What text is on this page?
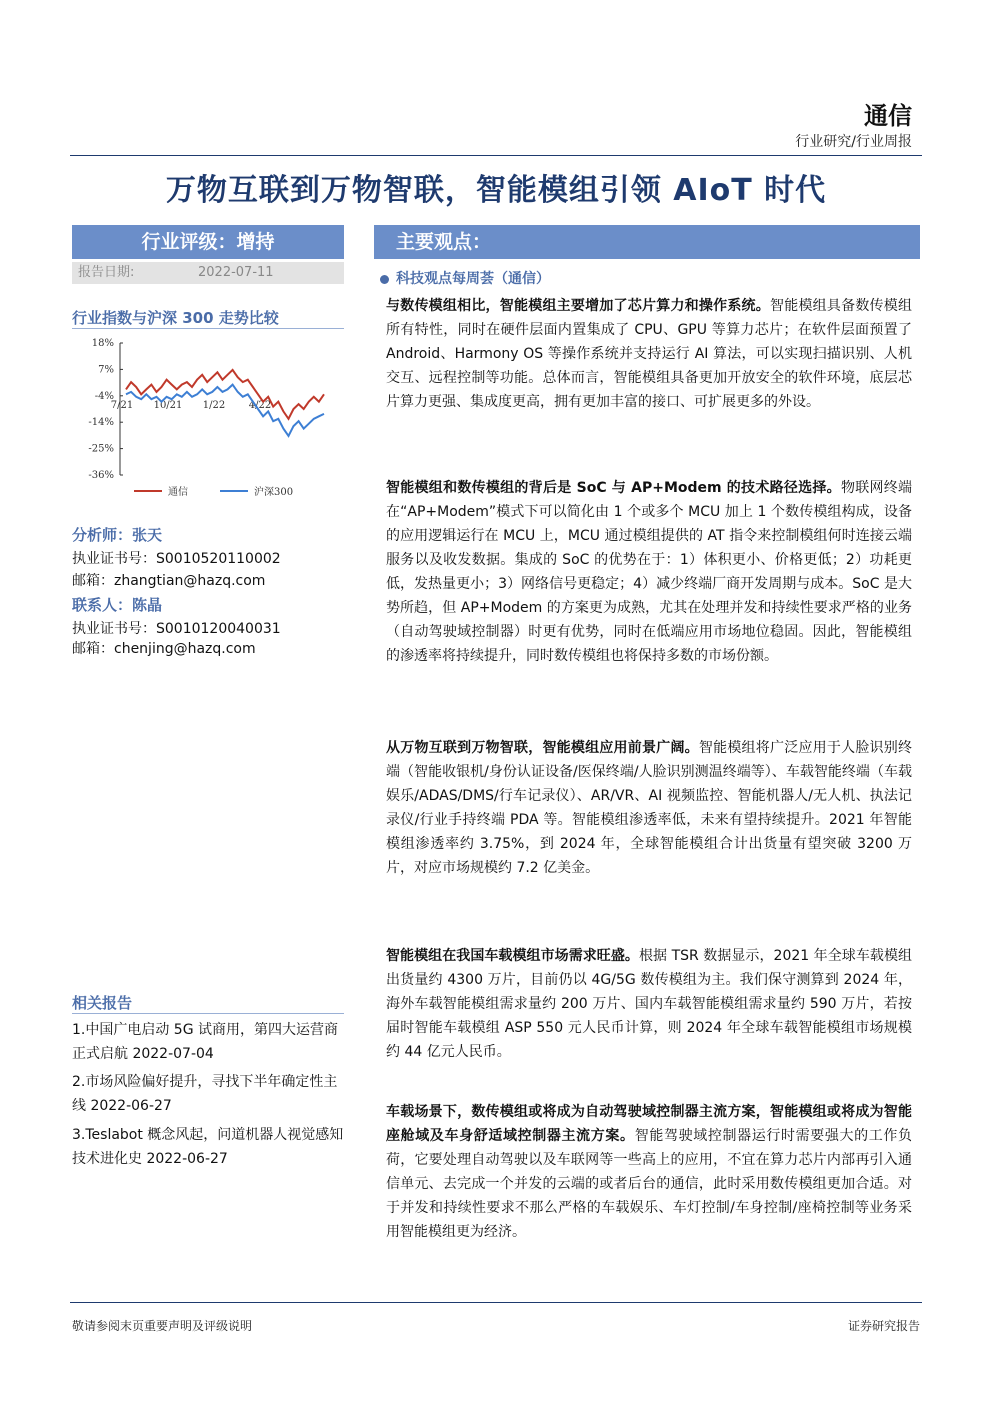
通信
行业研究/行业周报
万物互联到万物智联，智能模组引领 AIoT 时代
行业评级：增持
报告日期:	2022-07-11
行业指数与沪深 300 走势比较
18%
7%
-4%
-14%
-25%
-36%
7/21 10/21 1/22 4/22
通信	沪深300
分析师：张天
执业证书号：S0010520110002
邮箱：zhangtian@hazq.com
联系人：陈晶
执业证书号：S0010120040031
邮箱：chenjing@hazq.com
相关报告
1.中国广电启动 5G 试商用，第四大运营商正式启航 2022-07-04
2.市场风险偏好提升，寻找下半年确定性主线 2022-06-27
3.Teslabot 概念风起，问道机器人视觉感知技术进化史 2022-06-27
主要观点：
科技观点每周荟（通信）
与数传模组相比，智能模组主要增加了芯片算力和操作系统。智能模组具备数传模组所有特性，同时在硬件层面内置集成了 CPU、GPU 等算力芯片；在软件层面预置了 Android、Harmony OS 等操作系统并支持运行 AI 算法，可以实现扫描识别、人机交互、远程控制等功能。总体而言，智能模组具备更加开放安全的软件环境，底层芯片算力更强、集成度更高，拥有更加丰富的接口、可扩展更多的外设。
智能模组和数传模组的背后是 SoC 与 AP+Modem 的技术路径选择。物联网终端在“AP+Modem”模式下可以简化由 1 个或多个 MCU 加上 1 个数传模组构成，设备的应用逻辑运行在 MCU 上，MCU 通过模组提供的 AT 指令来控制模组何时连接云端服务以及收发数据。集成的 SoC 的优势在于：1）体积更小、价格更低；2）功耗更低，发热量更小；3）网络信号更稳定；4）减少终端厂商开发周期与成本。SoC 是大势所趋，但 AP+Modem 的方案更为成熟，尤其在处理并发和持续性要求严格的业务（自动驾驶域控制器）时更有优势，同时在低端应用市场地位稳固。因此，智能模组的渗透率将持续提升，同时数传模组也将保持多数的市场份额。
从万物互联到万物智联，智能模组应用前景广阔。智能模组将广泛应用于人脸识别终端（智能收银机/身份认证设备/医保终端/人脸识别测温终端等）、车载智能终端（车载娱乐/ADAS/DMS/行车记录仪）、AR/VR、AI 视频监控、智能机器人/无人机、执法记录仪/行业手持终端 PDA 等。智能模组渗透率低，未来有望持续提升。2021 年智能模组渗透率约 3.75%，到 2024 年，全球智能模组合计出货量有望突破 3200 万片，对应市场规模约 7.2 亿美金。
智能模组在我国车载模组市场需求旺盛。根据 TSR 数据显示，2021 年全球车载模组出货量约 4300 万片，目前仍以 4G/5G 数传模组为主。我们保守测算到 2024 年，海外车载智能模组需求量约 200 万片、国内车载智能模组需求量约 590 万片，若按届时智能车载模组 ASP 550 元人民币计算，则 2024 年全球车载智能模组市场规模约 44 亿元人民币。
车载场景下，数传模组或将成为自动驾驶域控制器主流方案，智能模组或将成为智能座舱域及车身舒适域控制器主流方案。智能驾驶域控制器运行时需要强大的工作负荷，它要处理自动驾驶以及车联网等一些高上的应用，不宜在算力芯片内部再引入通信单元、去完成一个并发的云端的或者后台的通信，此时采用数传模组更加合适。对于并发和持续性要求不那么严格的车载娱乐、车灯控制/车身控制/座椅控制等业务采用智能模组更为经济。
敬请参阅末页重要声明及评级说明	证券研究报告
